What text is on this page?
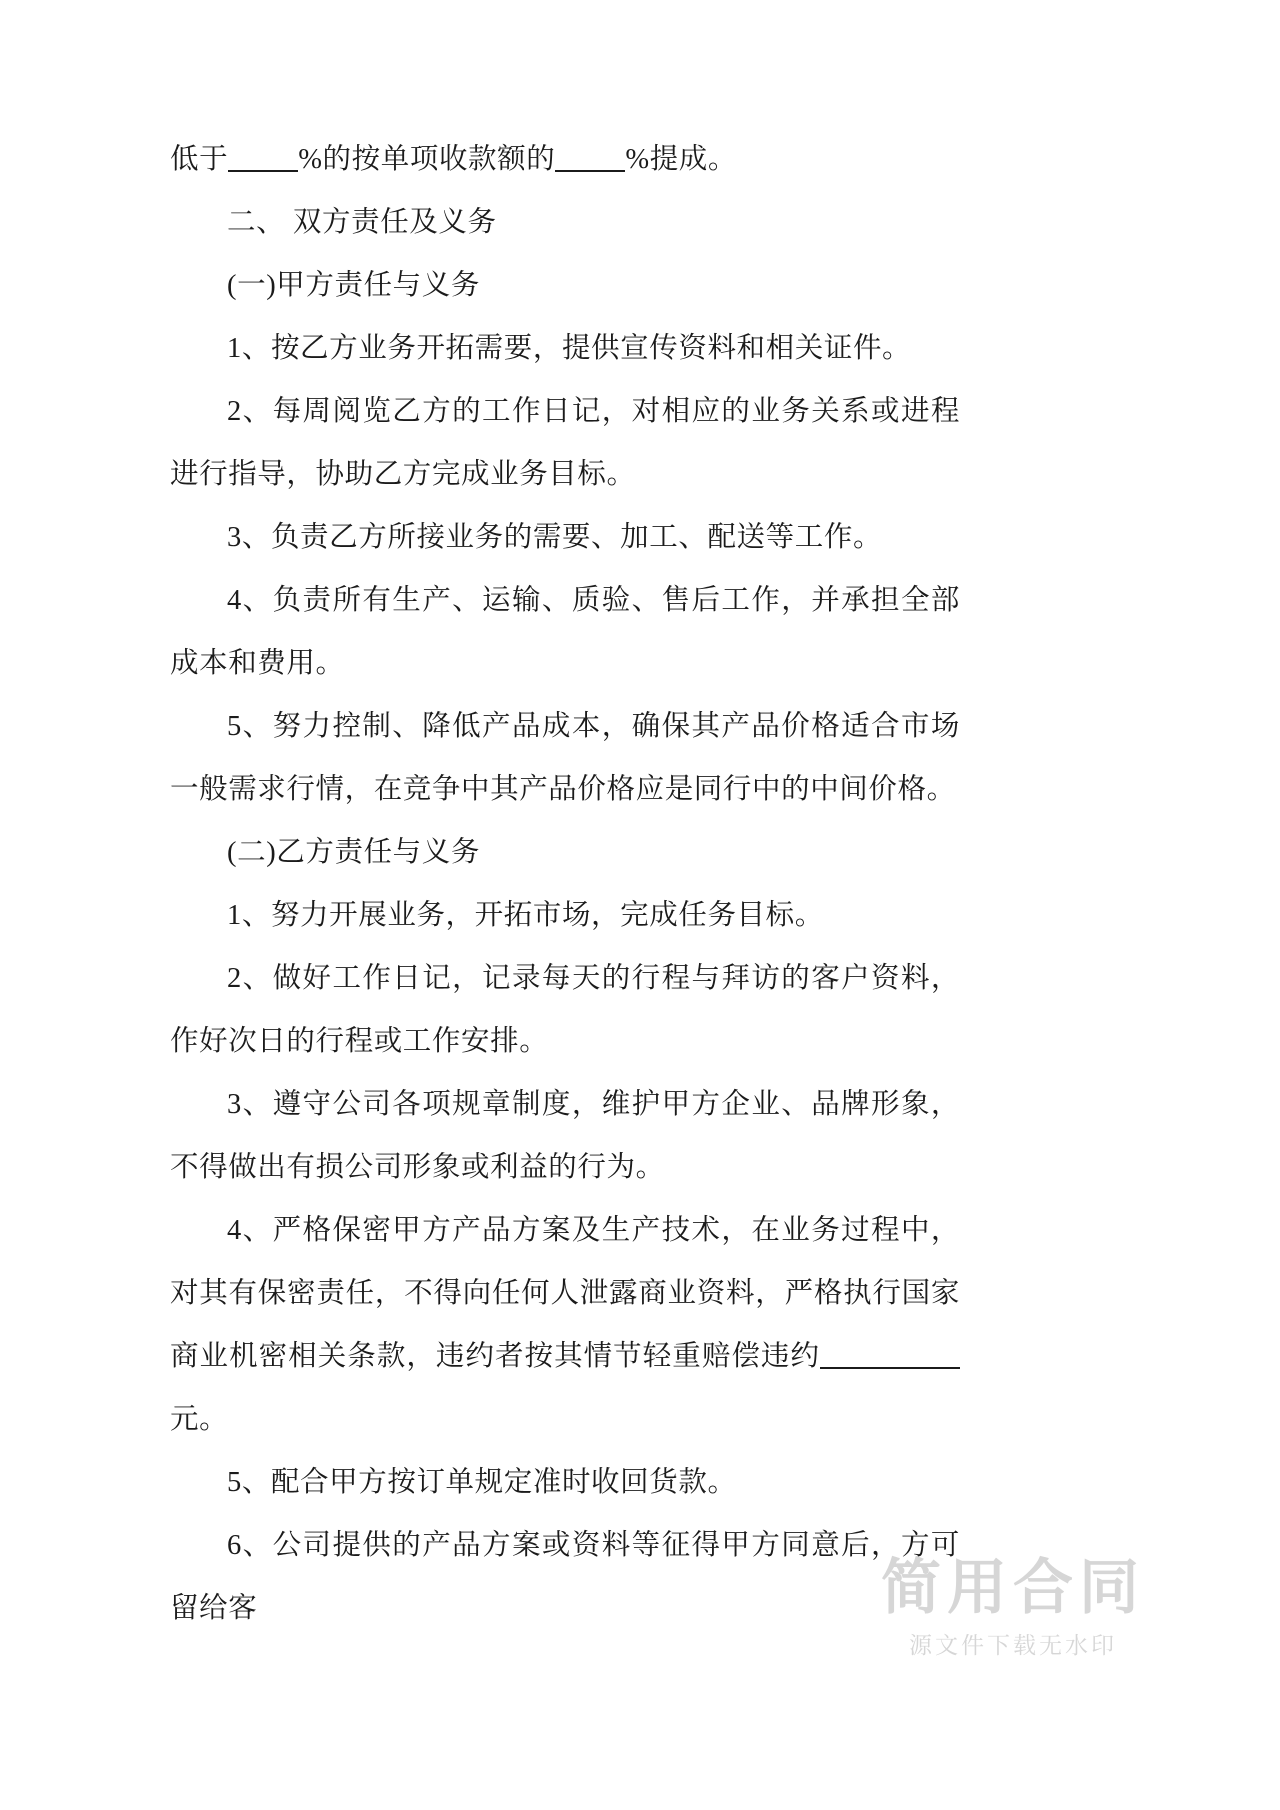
低于 %的按单项收款额的 %提成。

二、 双方责任及义务

(一)甲方责任与义务

1、按乙方业务开拓需要，提供宣传资料和相关证件。

2、每周阅览乙方的工作日记，对相应的业务关系或进程进行指导，协助乙方完成业务目标。

3、负责乙方所接业务的需要、加工、配送等工作。

4、负责所有生产、运输、质验、售后工作，并承担全部成本和费用。

5、努力控制、降低产品成本，确保其产品价格适合市场一般需求行情，在竞争中其产品价格应是同行中的中间价格。

(二)乙方责任与义务

1、努力开展业务，开拓市场，完成任务目标。

2、做好工作日记，记录每天的行程与拜访的客户资料，作好次日的行程或工作安排。

3、遵守公司各项规章制度，维护甲方企业、品牌形象，不得做出有损公司形象或利益的行为。

4、严格保密甲方产品方案及生产技术，在业务过程中，对其有保密责任，不得向任何人泄露商业资料，严格执行国家商业机密相关条款，违约者按其情节轻重赔偿违约元。

5、配合甲方按订单规定准时收回货款。

6、公司提供的产品方案或资料等征得甲方同意后，方可留给客	简用合同
源文件下载无水印
